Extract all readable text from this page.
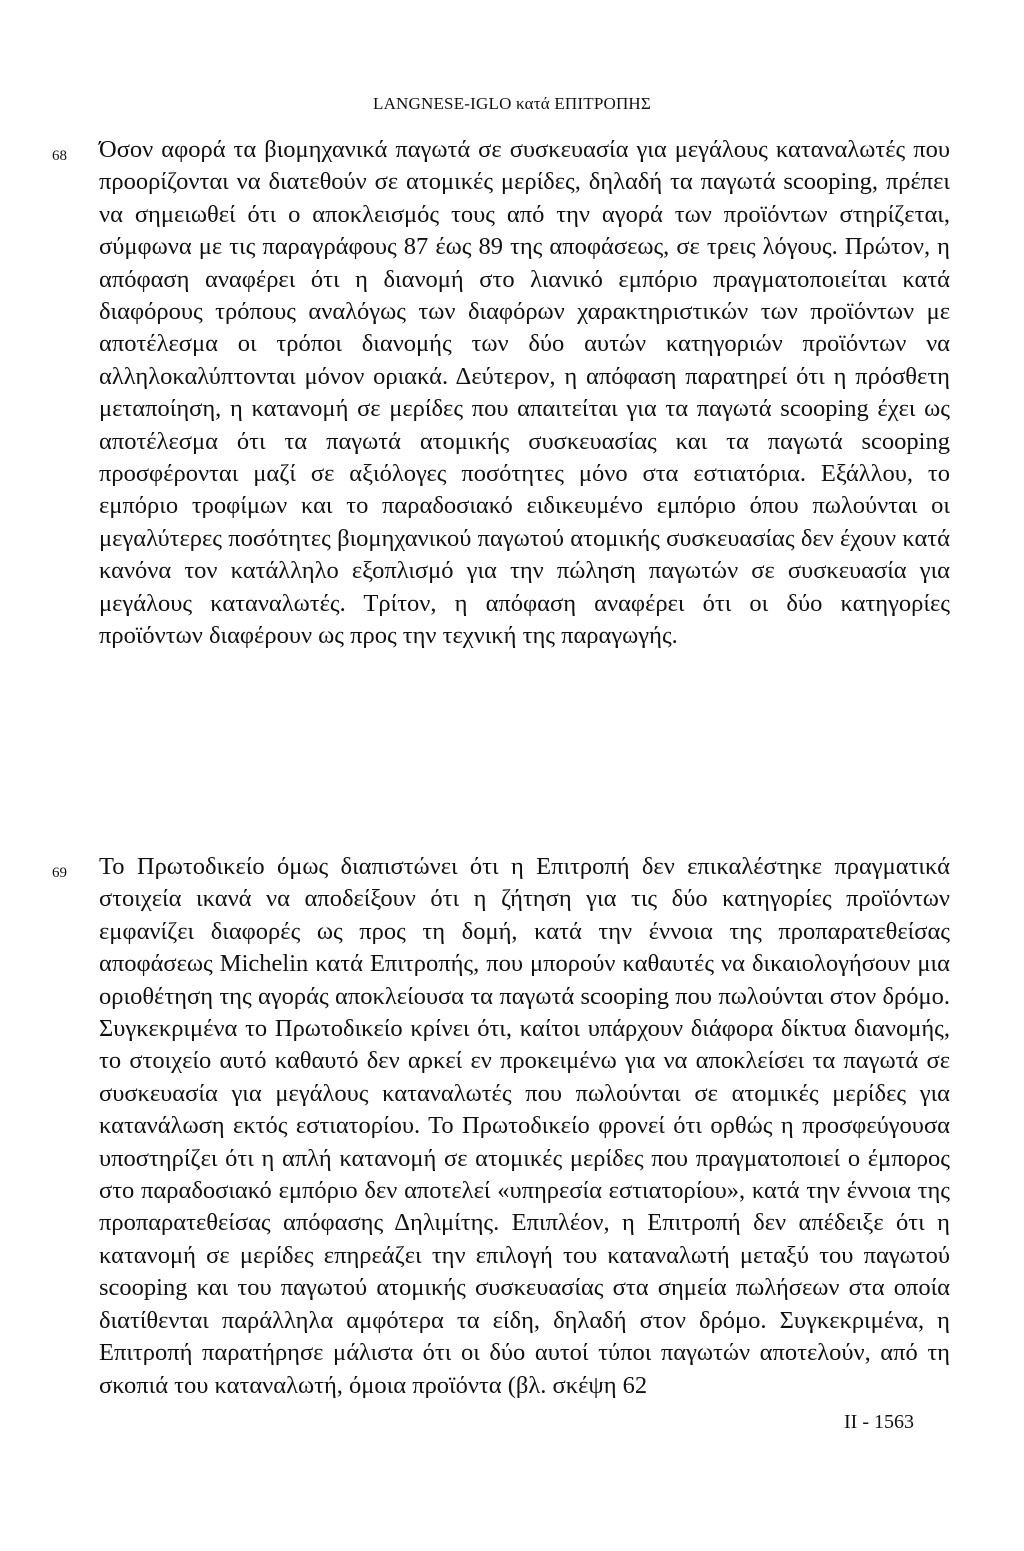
LANGNESE-IGLO κατά ΕΠΙΤΡΟΠΗΣ
68 Όσον αφορά τα βιομηχανικά παγωτά σε συσκευασία για μεγάλους καταναλωτές που προορίζονται να διατεθούν σε ατομικές μερίδες, δηλαδή τα παγωτά scooping, πρέπει να σημειωθεί ότι ο αποκλεισμός τους από την αγορά των προϊόντων στηρίζεται, σύμφωνα με τις παραγράφους 87 έως 89 της αποφάσεως, σε τρεις λόγους. Πρώτον, η απόφαση αναφέρει ότι η διανομή στο λιανικό εμπόριο πραγματοποιείται κατά διαφόρους τρόπους αναλόγως των διαφόρων χαρακτηριστικών των προϊόντων με αποτέλεσμα οι τρόποι διανομής των δύο αυτών κατηγοριών προϊόντων να αλληλοκαλύπτονται μόνον οριακά. Δεύτερον, η απόφαση παρατηρεί ότι η πρόσθετη μεταποίηση, η κατανομή σε μερίδες που απαιτείται για τα παγωτά scooping έχει ως αποτέλεσμα ότι τα παγωτά ατομικής συσκευασίας και τα παγωτά scooping προσφέρονται μαζί σε αξιόλογες ποσότητες μόνο στα εστιατόρια. Εξάλλου, το εμπόριο τροφίμων και το παραδοσιακό ειδικευμένο εμπόριο όπου πωλούνται οι μεγαλύτερες ποσότητες βιομηχανικού παγωτού ατομικής συσκευασίας δεν έχουν κατά κανόνα τον κατάλληλο εξοπλισμό για την πώληση παγωτών σε συσκευασία για μεγάλους καταναλωτές. Τρίτον, η απόφαση αναφέρει ότι οι δύο κατηγορίες προϊόντων διαφέρουν ως προς την τεχνική της παραγωγής.
69 Το Πρωτοδικείο όμως διαπιστώνει ότι η Επιτροπή δεν επικαλέστηκε πραγματικά στοιχεία ικανά να αποδείξουν ότι η ζήτηση για τις δύο κατηγορίες προϊόντων εμφανίζει διαφορές ως προς τη δομή, κατά την έννοια της προπαρατεθείσας αποφάσεως Michelin κατά Επιτροπής, που μπορούν καθαυτές να δικαιολογήσουν μια οριοθέτηση της αγοράς αποκλείουσα τα παγωτά scooping που πωλούνται στον δρόμο. Συγκεκριμένα το Πρωτοδικείο κρίνει ότι, καίτοι υπάρχουν διάφορα δίκτυα διανομής, το στοιχείο αυτό καθαυτό δεν αρκεί εν προκειμένω για να αποκλείσει τα παγωτά σε συσκευασία για μεγάλους καταναλωτές που πωλούνται σε ατομικές μερίδες για κατανάλωση εκτός εστιατορίου. Το Πρωτοδικείο φρονεί ότι ορθώς η προσφεύγουσα υποστηρίζει ότι η απλή κατανομή σε ατομικές μερίδες που πραγματοποιεί ο έμπορος στο παραδοσιακό εμπόριο δεν αποτελεί «υπηρεσία εστιατορίου», κατά την έννοια της προπαρατεθείσας απόφασης Δηλιμίτης. Επιπλέον, η Επιτροπή δεν απέδειξε ότι η κατανομή σε μερίδες επηρεάζει την επιλογή του καταναλωτή μεταξύ του παγωτού scooping και του παγωτού ατομικής συσκευασίας στα σημεία πωλήσεων στα οποία διατίθενται παράλληλα αμφότερα τα είδη, δηλαδή στον δρόμο. Συγκεκριμένα, η Επιτροπή παρατήρησε μάλιστα ότι οι δύο αυτοί τύποι παγωτών αποτελούν, από τη σκοπιά του καταναλωτή, όμοια προϊόντα (βλ. σκέψη 62
II - 1563
